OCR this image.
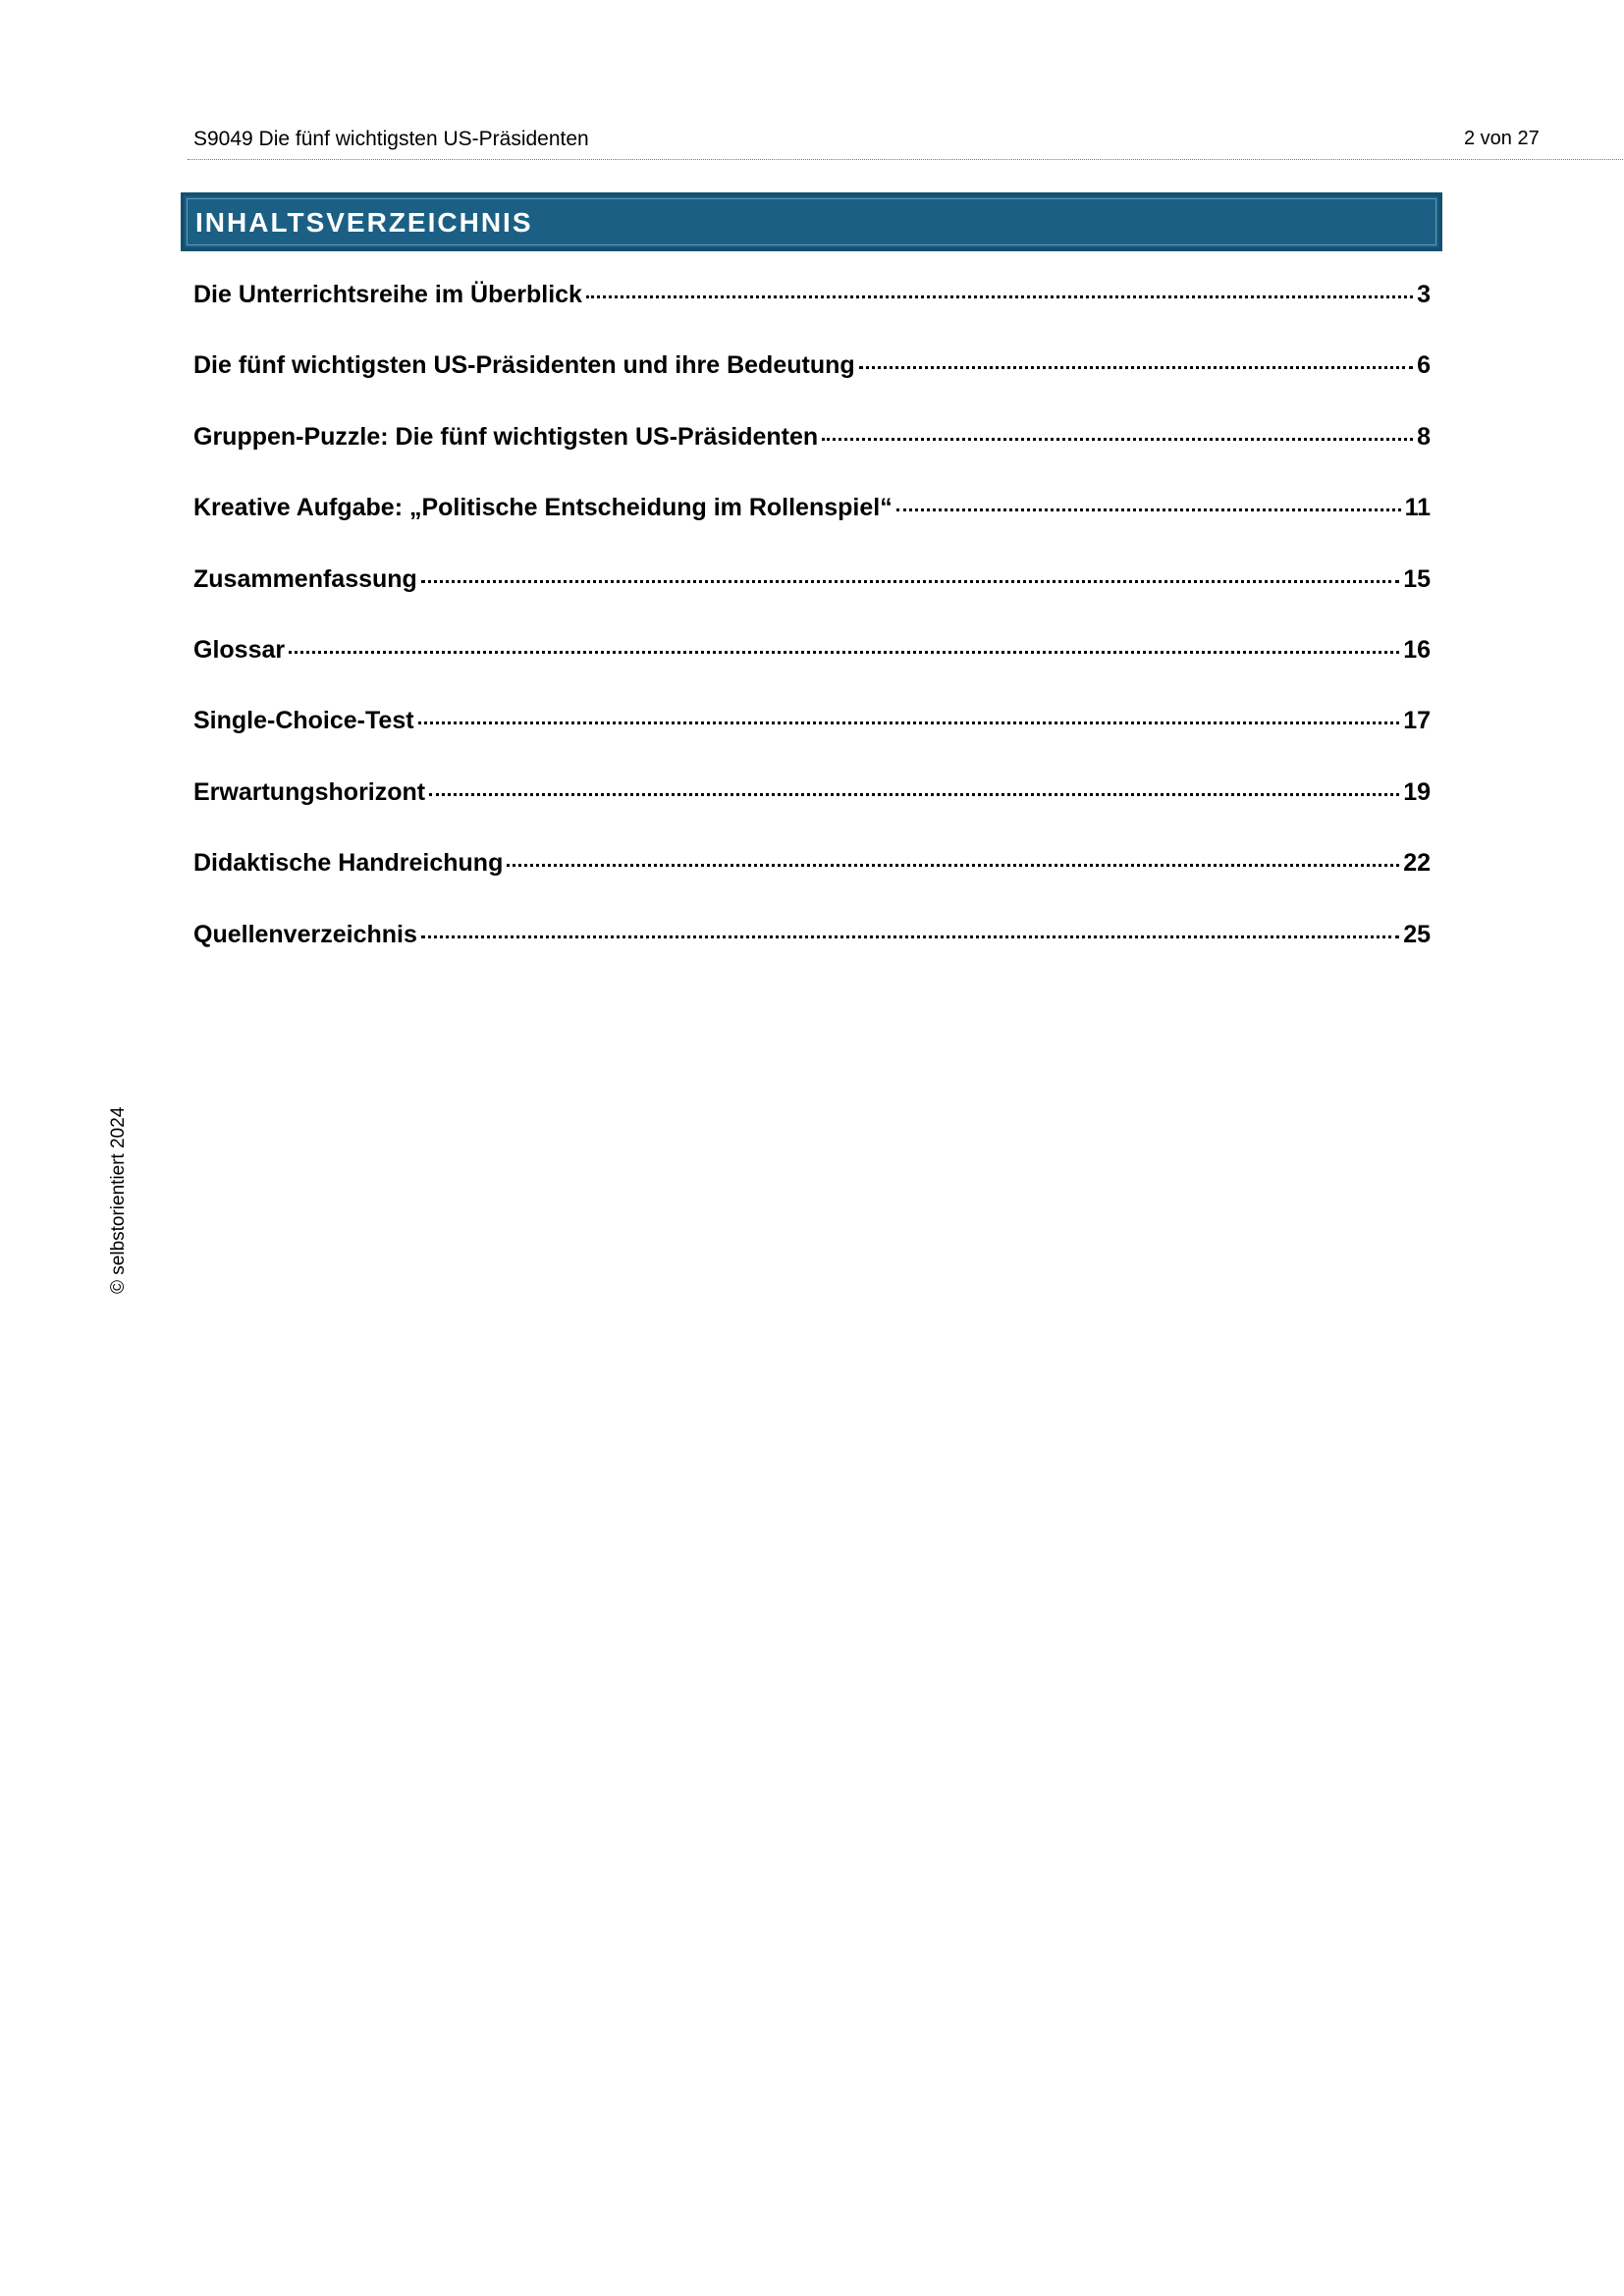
S9049 Die fünf wichtigsten US-Präsidenten	2 von 27
INHALTSVERZEICHNIS
Die Unterrichtsreihe im Überblick	3
Die fünf wichtigsten US-Präsidenten und ihre Bedeutung	6
Gruppen-Puzzle: Die fünf wichtigsten US-Präsidenten	8
Kreative Aufgabe: „Politische Entscheidung im Rollenspiel“	11
Zusammenfassung	15
Glossar	16
Single-Choice-Test	17
Erwartungshorizont	19
Didaktische Handreichung	22
Quellenverzeichnis	25
© selbstorientiert 2024
